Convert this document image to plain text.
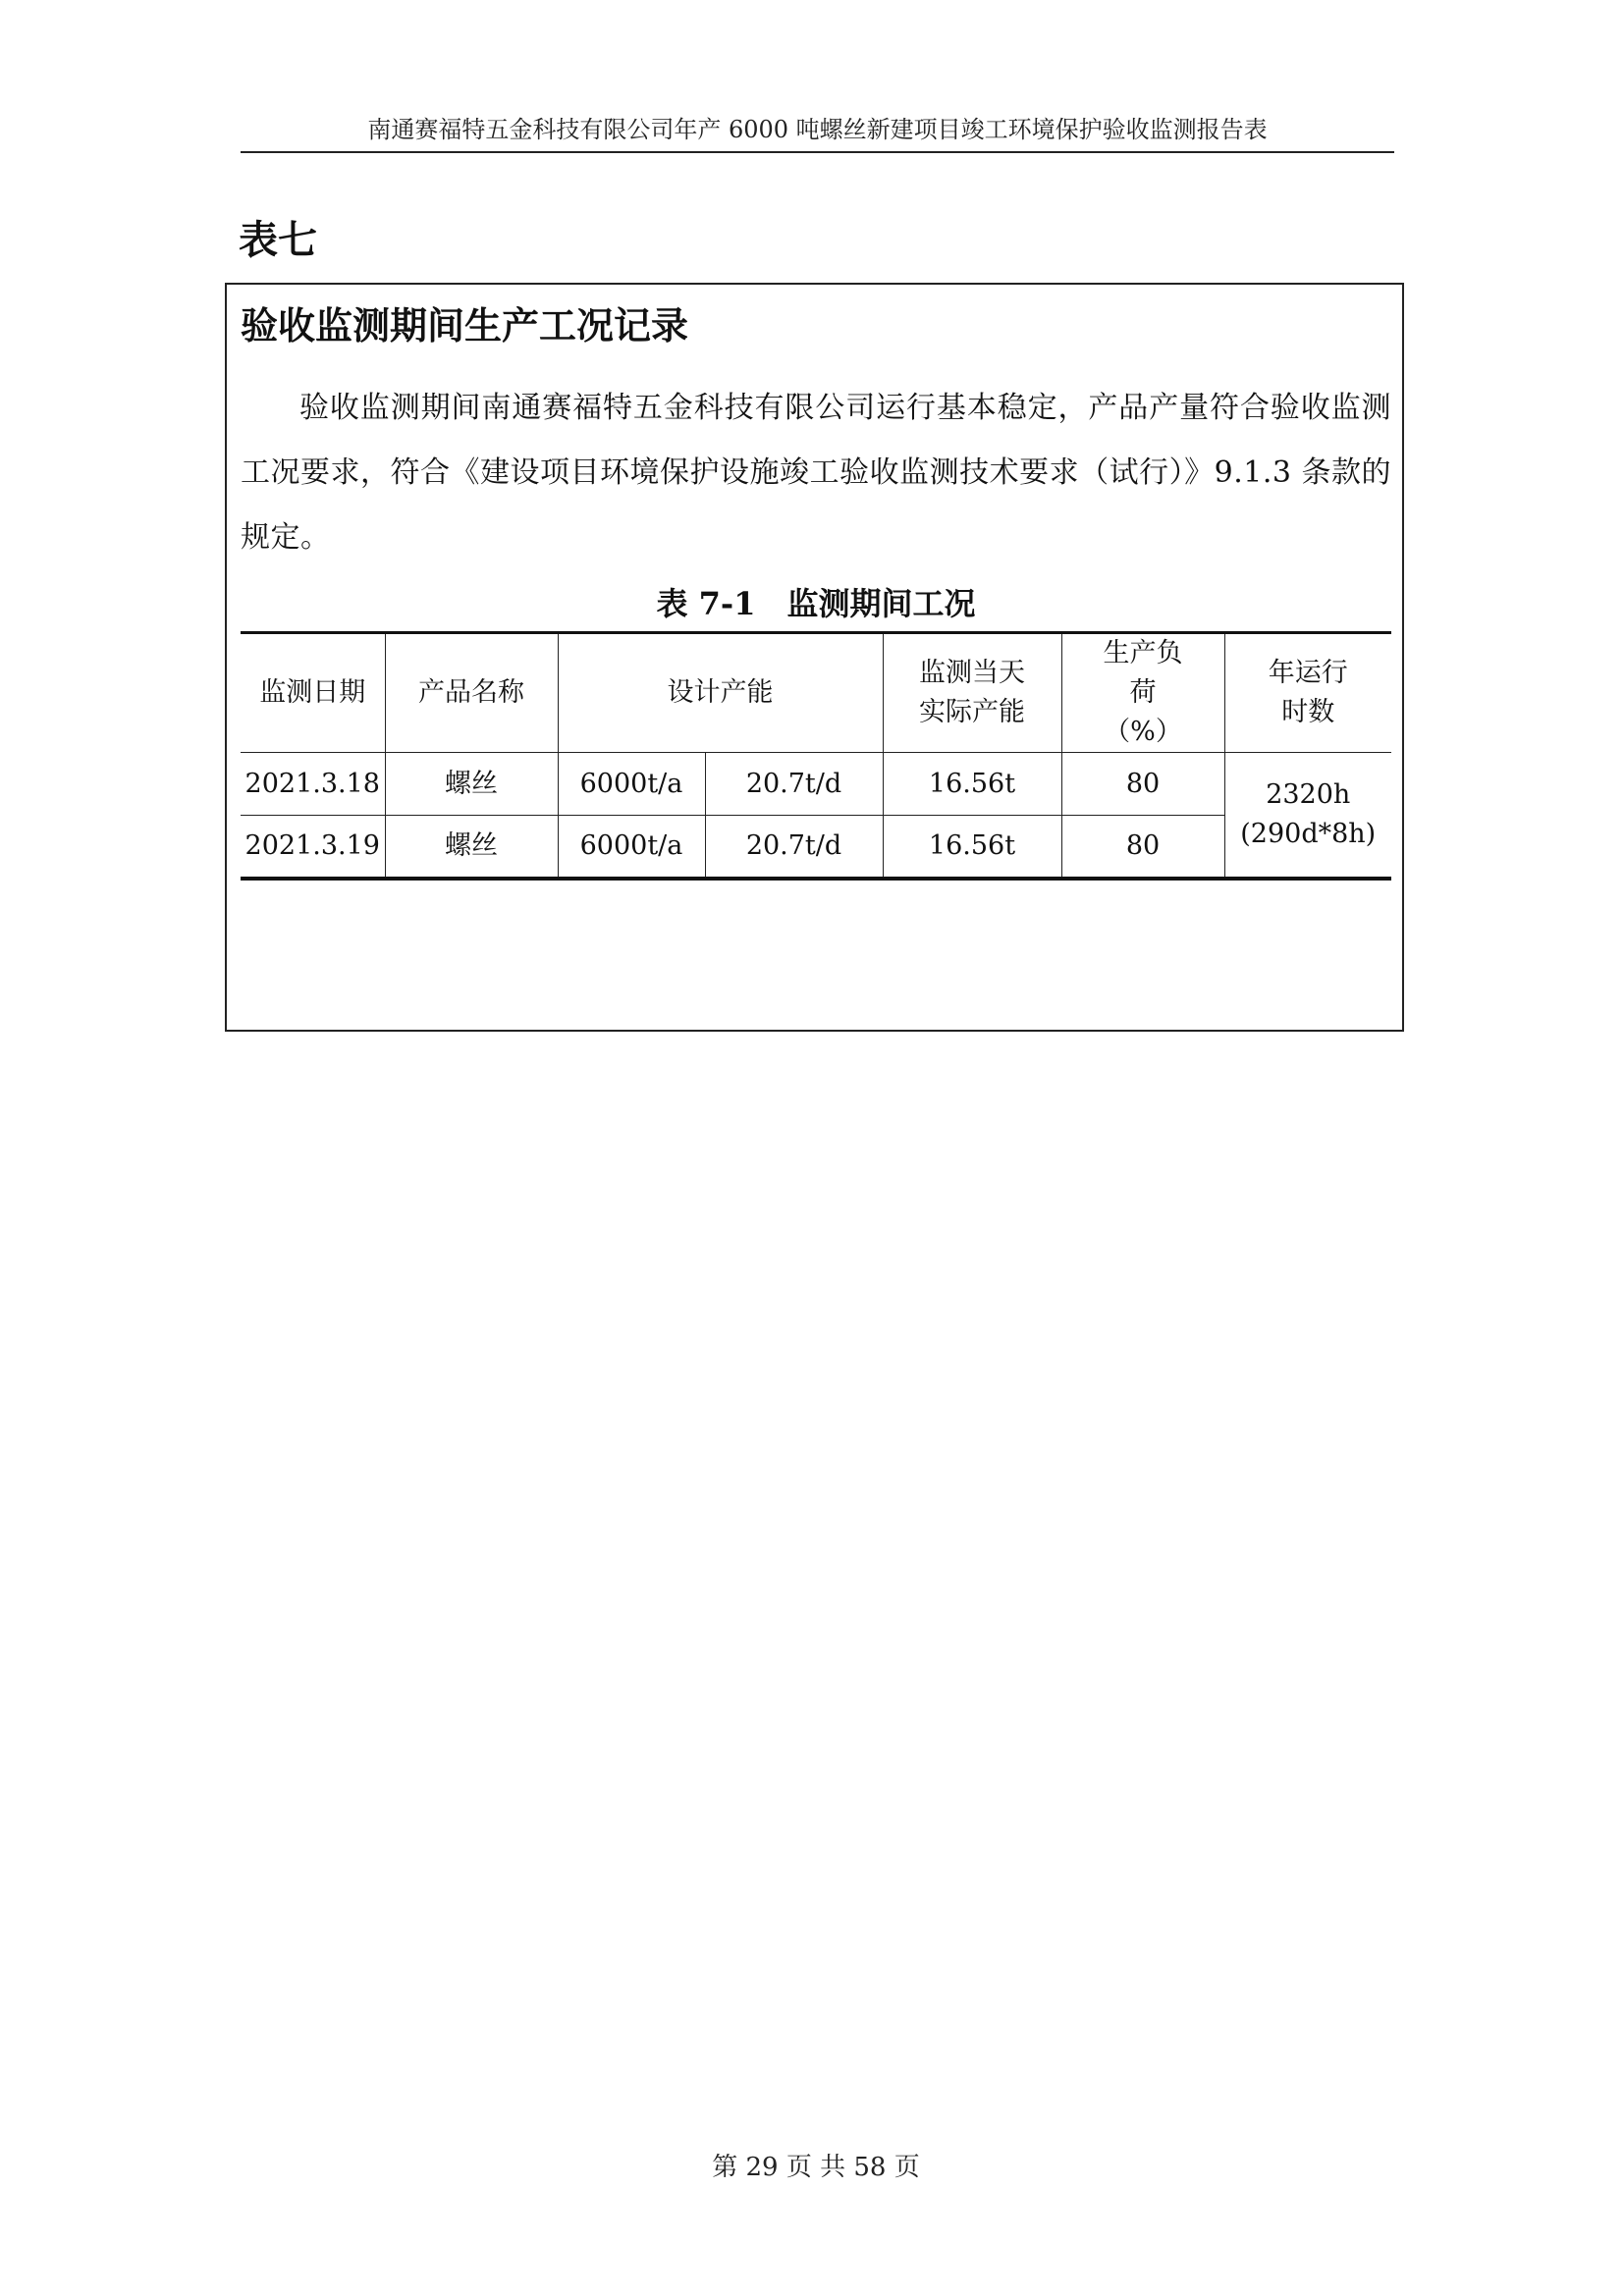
南通赛福特五金科技有限公司年产 6000 吨螺丝新建项目竣工环境保护验收监测报告表
表七
验收监测期间生产工况记录
验收监测期间南通赛福特五金科技有限公司运行基本稳定，产品产量符合验收监测工况要求，符合《建设项目环境保护设施竣工验收监测技术要求（试行）》9.1.3 条款的规定。
表 7-1　监测期间工况
监测日期	产品名称	设计产能		监测当天实际产能	生产负荷（%）	年运行时数
2021.3.18	螺丝	6000t/a	20.7t/d	16.56t	80	2320h
(290d*8h)

2021.3.19	螺丝	6000t/a	20.7t/d	16.56t	80	
第 29 页 共 58 页
